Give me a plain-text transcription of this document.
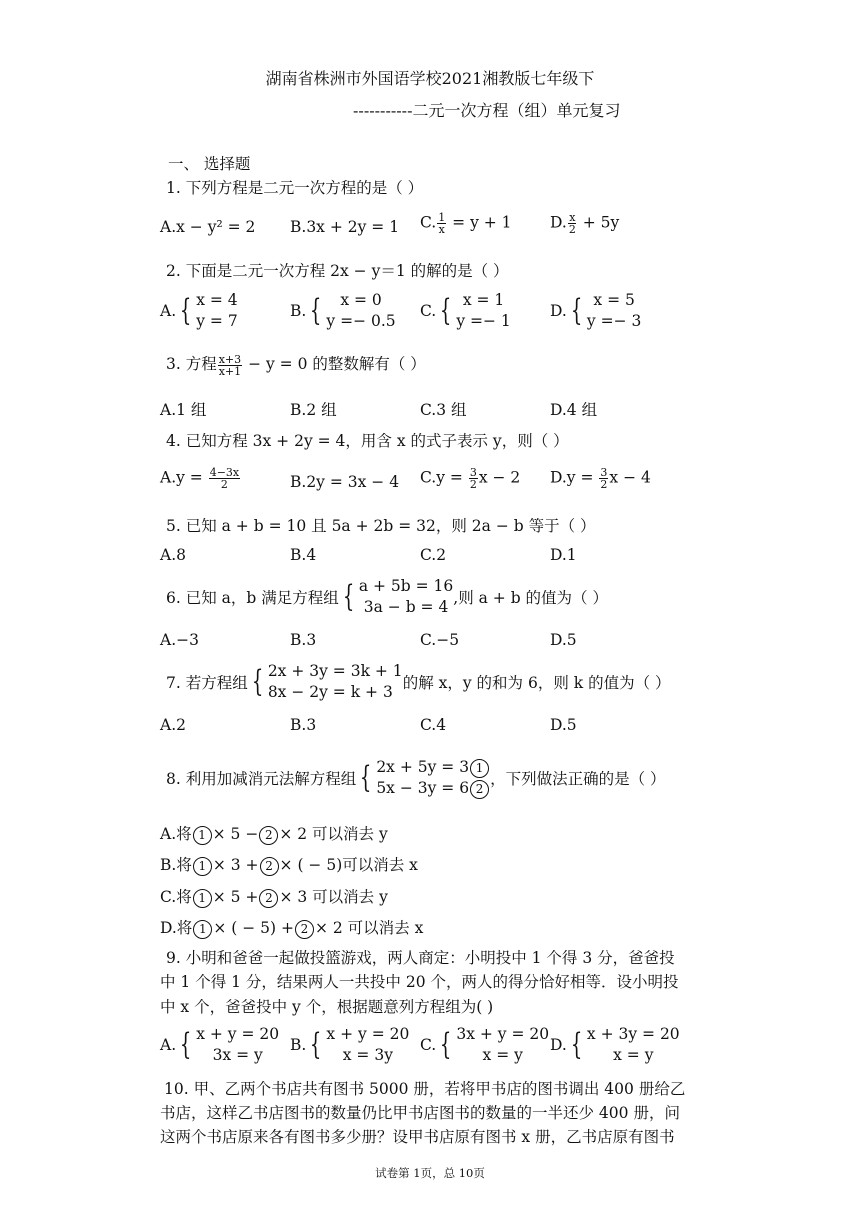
湖南省株洲市外国语学校2021湘教版七年级下
-----------二元一次方程（组）单元复习
一、 选择题
1. 下列方程是二元一次方程的是（ ）
A.x − y² = 2 B.3x + 2y = 1 C. $\frac{1}{x} = y + 1$ D. $\frac{x}{2} + 5y$
2. 下面是二元一次方程 2x − y＝1 的解的是（ ）
A. { x = 4
y = 7
B. {	x = 0
y =− 0.5
C. { x = 1
y =− 1
D. { x = 5
y =− 3
3. 方程 $\frac{x+3}{x+1} - y = 0$ 的整数解有（ ）
A.1 组	B.2 组	C.3 组	D.4 组
4. 已知方程 3x + 2y = 4，用含 x 的式子表示 y，则（ ）
$A.y = \frac{4-3x}{2}$	B.2y = 3x − 4 $C.y = \frac{3}{2}$ x − 2 $D.y = \frac{3}{2}$ x − 4
5. 已知 a + b = 10 且 5a + 2b = 32，则 2a − b 等于（ ）
A.8	B.4	C.2	D.1
6. 已知 a，b 满足方程组 { a + 5b = 16
3a − b = 4 ,则 a + b 的值为（ ）
A.−3	B.3	C.−5	D.5
7. 若方程组 { 2x + 3y = 3k + 1
8x − 2y = k + 3 的解 x，y 的和为 6，则 k 的值为（ ）
A.2	B.3	C.4	D.5
8. 利用加减消元法解方程组 { 2x + 5y = 3 1
5x − 3y = 6 2
，下列做法正确的是（ ）
A.将 1 × 5 − 2 × 2 可以消去 y
B.将 1 × 3 + 2 × ( − 5)可以消去 x
C.将 1 × 5 + 2 × 3 可以消去 y
D.将 1 × ( − 5) + 2 × 2 可以消去 x
9. 小明和爸爸一起做投篮游戏，两人商定：小明投中 1 个得 3 分，爸爸投
中 1 个得 1 分，结果两人一共投中 20 个，两人的得分恰好相等．设小明投
中 x 个，爸爸投中 y 个，根据题意列方程组为( )
A. { x + y = 20
3x = y
B. { x + y = 20
x = 3y
C. { 3x + y = 20
x = y
D. { x + 3y = 20
x = y
10. 甲、乙两个书店共有图书 5000 册，若将甲书店的图书调出 400 册给乙
书店，这样乙书店图书的数量仍比甲书店图书的数量的一半还少 400 册，问
这两个书店原来各有图书多少册？设甲书店原有图书 x 册，乙书店原有图书
试卷第 1页，总 10页
